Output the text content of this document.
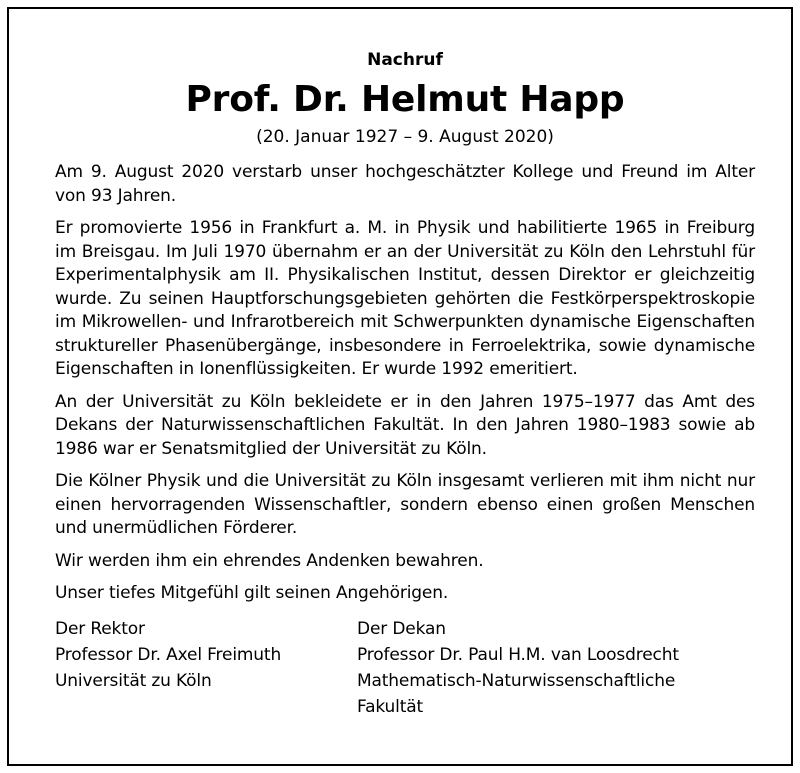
Nachruf

Prof. Dr. Helmut Happ

(20. Januar 1927 – 9. August 2020)

Am 9. August 2020 verstarb unser hochgeschätzter Kollege und Freund im Alter von 93 Jahren.

Er promovierte 1956 in Frankfurt a. M. in Physik und habilitierte 1965 in Freiburg im Breisgau. Im Juli 1970 übernahm er an der Universität zu Köln den Lehrstuhl für Experimentalphysik am II. Physikalischen Institut, dessen Direktor er gleichzeitig wurde. Zu seinen Hauptforschungsgebieten gehörten die Festkörperspektroskopie im Mikrowellen- und Infrarotbereich mit Schwerpunkten dynamische Eigenschaften struktureller Phasenübergänge, insbesondere in Ferroelektrika, sowie dynamische Eigenschaften in Ionenflüssigkeiten. Er wurde 1992 emeritiert.

An der Universität zu Köln bekleidete er in den Jahren 1975–1977 das Amt des Dekans der Naturwissenschaftlichen Fakultät. In den Jahren 1980–1983 sowie ab 1986 war er Senatsmitglied der Universität zu Köln.

Die Kölner Physik und die Universität zu Köln insgesamt verlieren mit ihm nicht nur einen hervorragenden Wissenschaftler, sondern ebenso einen großen Menschen und unermüdlichen Förderer.

Wir werden ihm ein ehrendes Andenken bewahren.

Unser tiefes Mitgefühl gilt seinen Angehörigen.

Der Rektor
Professor Dr. Axel Freimuth
Universität zu Köln
Der Dekan
Professor Dr. Paul H.M. van Loosdrecht
Mathematisch-Naturwissenschaftliche
Fakultät
